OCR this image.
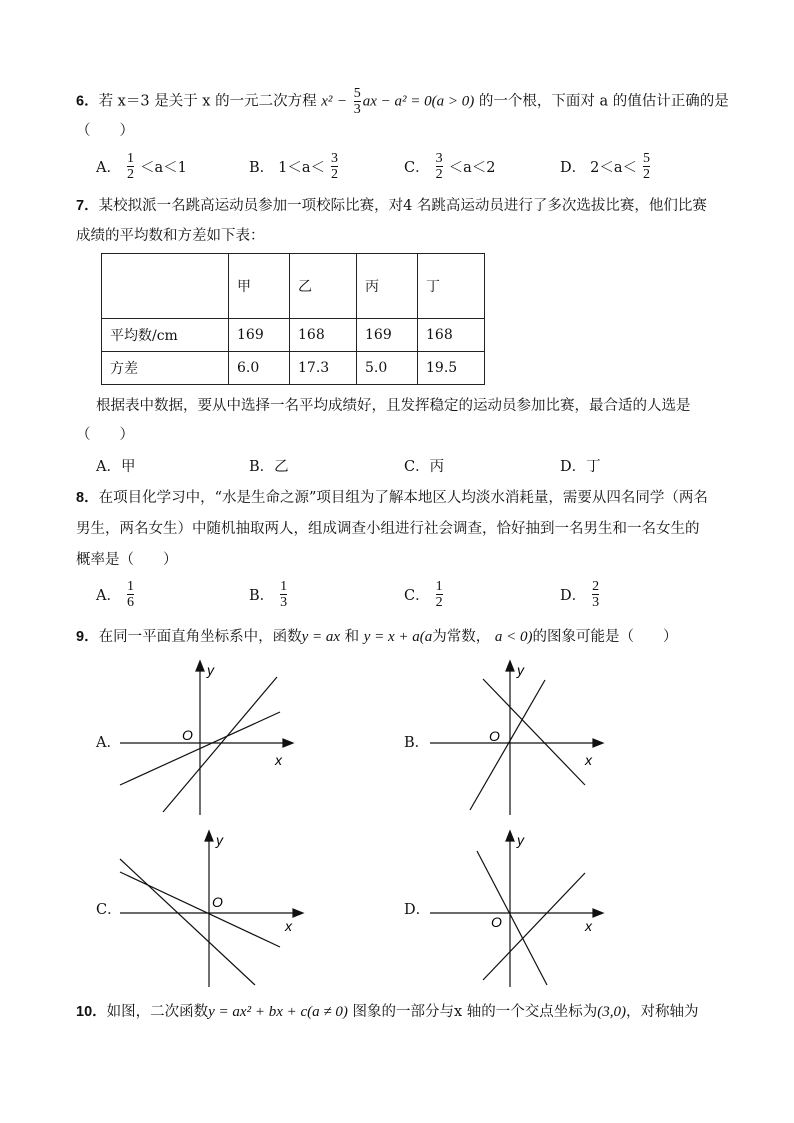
6．若 x＝3 是关于 x 的一元二次方程 $x^2 - \frac{5}{3}$ ax − a² = 0(a > 0) 的一个根，下面对 a 的值估计正确的是
（　　）
A． $\frac{1}{2} <a<1$	B． $1<a< \frac{3}{2}$	C． $\frac{3}{2} <a<2$	D． $2<a< \frac{5}{2}$
7．某校拟派一名跳高运动员参加一项校际比赛，对4 名跳高运动员进行了多次选拔比赛，他们比赛
成绩的平均数和方差如下表：
	甲	乙	丙	丁
平均数/cm	169	168	169	168
方差	6.0	17.3	5.0	19.5
根据表中数据，要从中选择一名平均成绩好，且发挥稳定的运动员参加比赛，最合适的人选是
（　　）
A．甲	B．乙	C．丙	D．丁
8．在项目化学习中，“水是生命之源”项目组为了解本地区人均淡水消耗量，需要从四名同学（两名
男生，两名女生）中随机抽取两人，组成调查小组进行社会调查，恰好抽到一名男生和一名女生的
概率是（　　）
A． $\frac{1}{6}$	B． $\frac{1}{3}$	C． $\frac{1}{2}$	D． $\frac{2}{3}$
9．在同一平面直角坐标系中，函数y = ax 和 y = x + a(a为常数， a < 0)的图象可能是（　　）
A．
y
x
O	B．
y
x
O
C．
y
x
O	D．
y
x
O
10．如图，二次函数y = ax² + bx + c(a ≠ 0) 图象的一部分与x 轴的一个交点坐标为(3,0)，对称轴为
